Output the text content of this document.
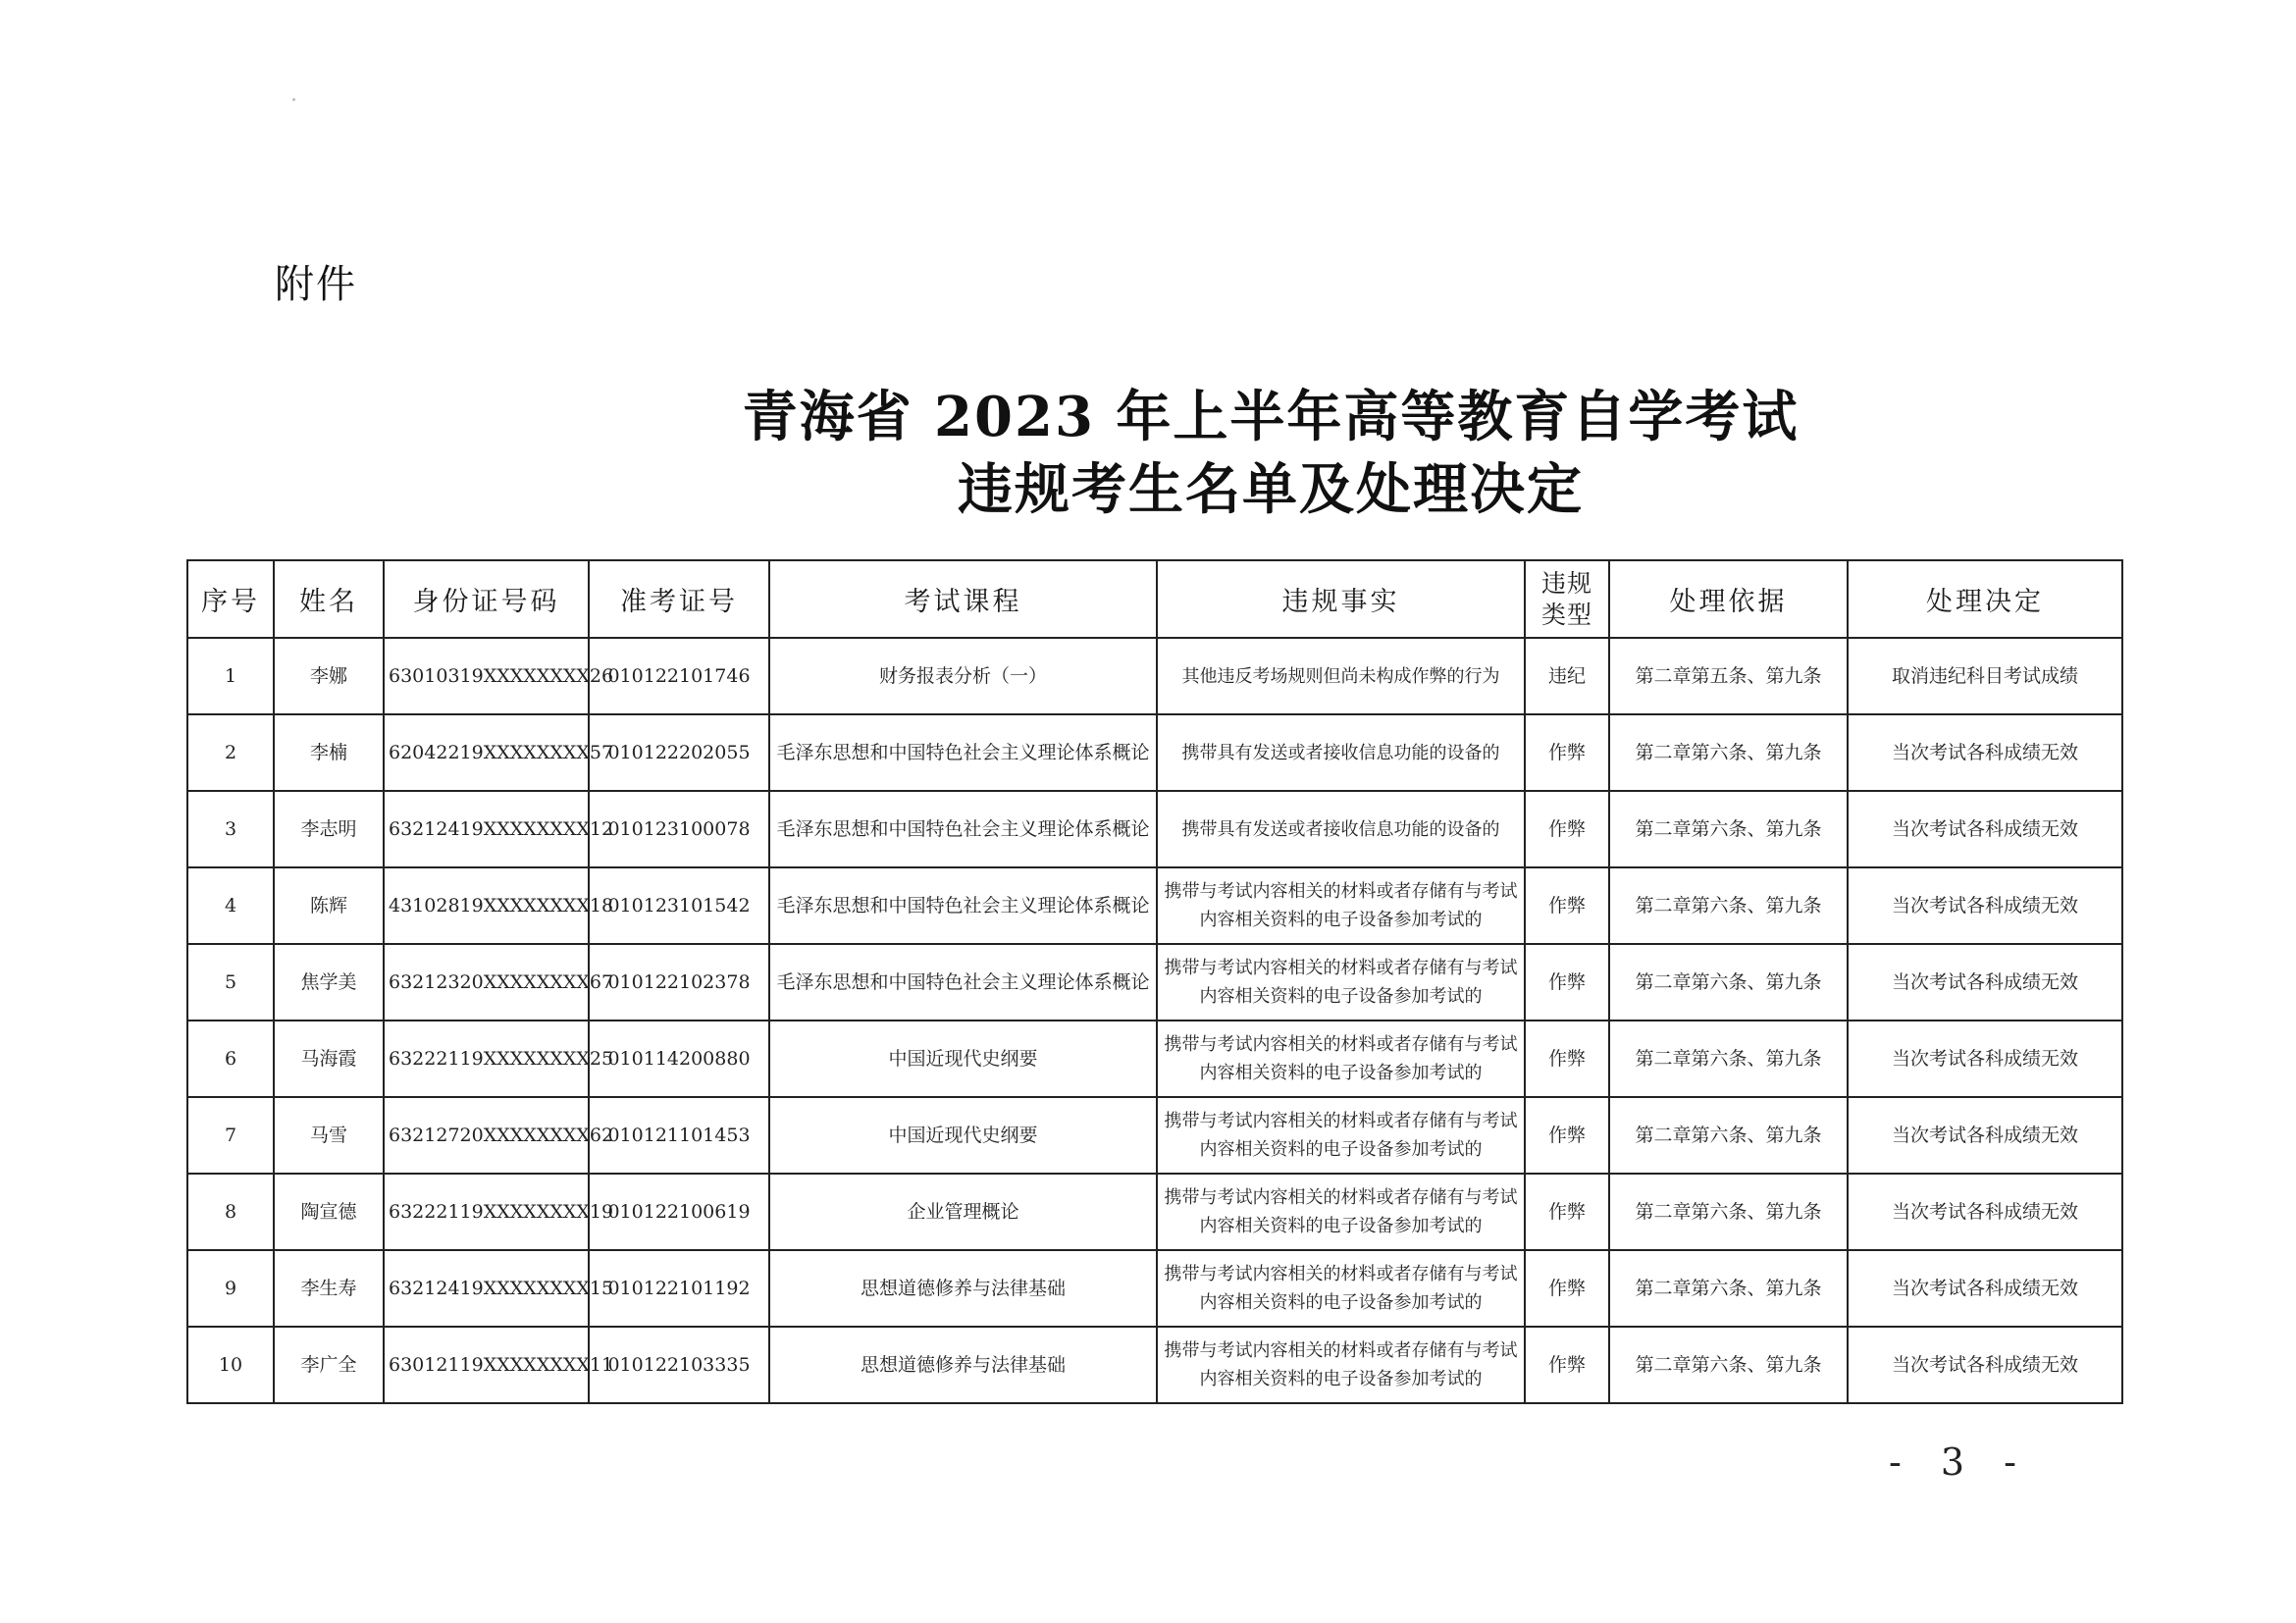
附件
青海省 2023 年上半年高等教育自学考试
违规考生名单及处理决定
序号	姓名	身份证号码	准考证号	考试课程	违规事实	违规类型	处理依据	处理决定
1	李娜	63010319XXXXXXXX26	010122101746	财务报表分析（一）	其他违反考场规则但尚未构成作弊的行为	违纪	第二章第五条、第九条	取消违纪科目考试成绩
2	李楠	62042219XXXXXXXX57	010122202055	毛泽东思想和中国特色社会主义理论体系概论	携带具有发送或者接收信息功能的设备的	作弊	第二章第六条、第九条	当次考试各科成绩无效
3	李志明	63212419XXXXXXXX12	010123100078	毛泽东思想和中国特色社会主义理论体系概论	携带具有发送或者接收信息功能的设备的	作弊	第二章第六条、第九条	当次考试各科成绩无效
4	陈辉	43102819XXXXXXXX18	010123101542	毛泽东思想和中国特色社会主义理论体系概论	携带与考试内容相关的材料或者存储有与考试内容相关资料的电子设备参加考试的	作弊	第二章第六条、第九条	当次考试各科成绩无效
5	焦学美	63212320XXXXXXXX67	010122102378	毛泽东思想和中国特色社会主义理论体系概论	携带与考试内容相关的材料或者存储有与考试内容相关资料的电子设备参加考试的	作弊	第二章第六条、第九条	当次考试各科成绩无效
6	马海霞	63222119XXXXXXXX25	010114200880	中国近现代史纲要	携带与考试内容相关的材料或者存储有与考试内容相关资料的电子设备参加考试的	作弊	第二章第六条、第九条	当次考试各科成绩无效
7	马雪	63212720XXXXXXXX62	010121101453	中国近现代史纲要	携带与考试内容相关的材料或者存储有与考试内容相关资料的电子设备参加考试的	作弊	第二章第六条、第九条	当次考试各科成绩无效
8	陶宣德	63222119XXXXXXXX19	010122100619	企业管理概论	携带与考试内容相关的材料或者存储有与考试内容相关资料的电子设备参加考试的	作弊	第二章第六条、第九条	当次考试各科成绩无效
9	李生寿	63212419XXXXXXXX15	010122101192	思想道德修养与法律基础	携带与考试内容相关的材料或者存储有与考试内容相关资料的电子设备参加考试的	作弊	第二章第六条、第九条	当次考试各科成绩无效
10	李广全	63012119XXXXXXXX11	010122103335	思想道德修养与法律基础	携带与考试内容相关的材料或者存储有与考试内容相关资料的电子设备参加考试的	作弊	第二章第六条、第九条	当次考试各科成绩无效
- 3 -
